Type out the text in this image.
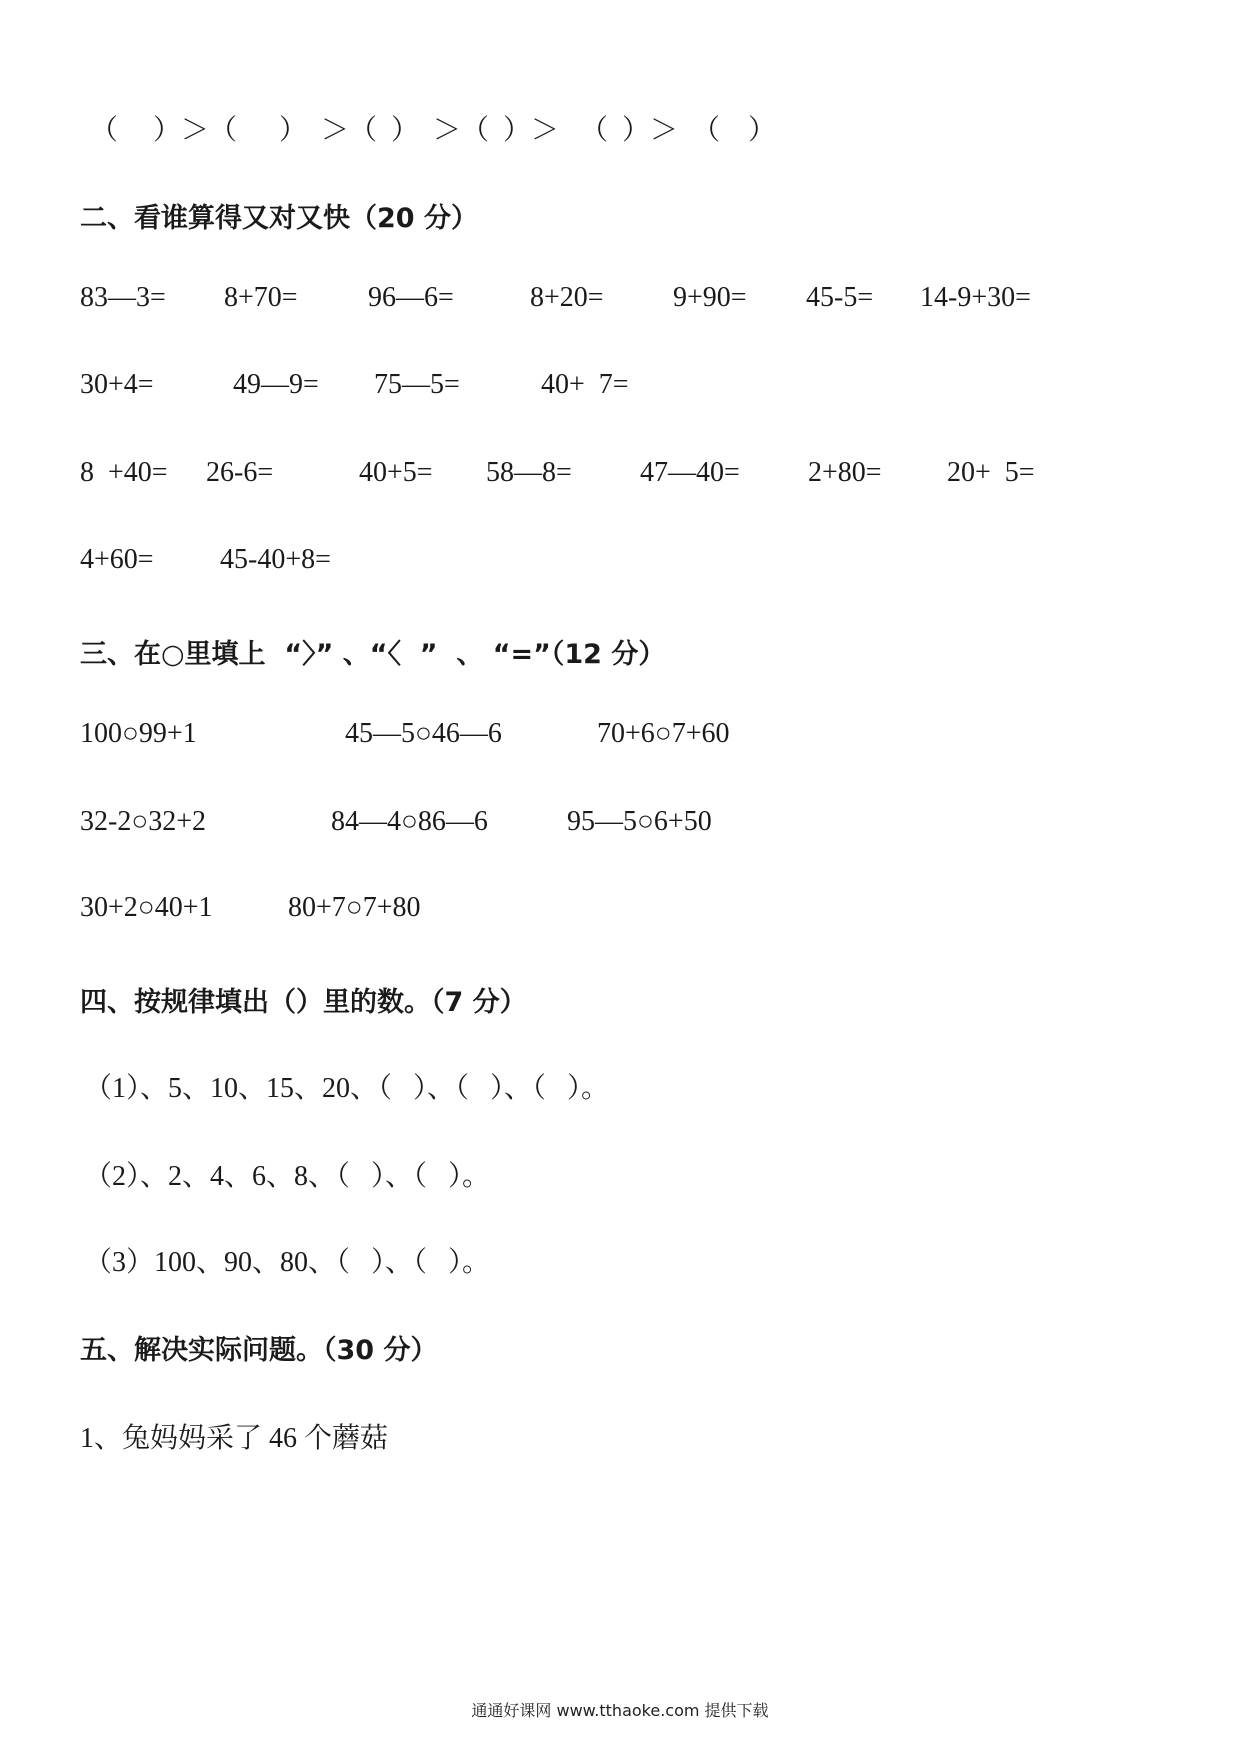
（　 ）＞（　  ）  ＞（  ）  ＞（  ）＞   （  ）＞  （    ）
二、看谁算得又对又快（20 分）
83—3= 8+70=	96—6=	8+20= 9+90= 45-5= 14-9+30=
30+4=	49—9= 75—5=	40+  7=
8  +40= 26-6=	40+5= 58—8= 47—40= 2+80= 20+  5=
4+60= 45-40+8=
三、在○里填上  “〉” 、“〈  ”  、 “=”（12 分）
100○99+1	45—5○46—6	70+6○7+60
32-2○32+2	84—4○86—6	95—5○6+50
30+2○40+1	80+7○7+80
四、按规律填出（）里的数。（7 分）
（1）、5、10、15、20、（   ）、（   ）、（   ）。
（2）、2、4、6、8、（   ）、（   ）。
（3）100、90、80、（   ）、（   ）。
五、解决实际问题。（30 分）
1、兔妈妈采了 46 个蘑菇
通通好课网 www.tthaoke.com 提供下载
